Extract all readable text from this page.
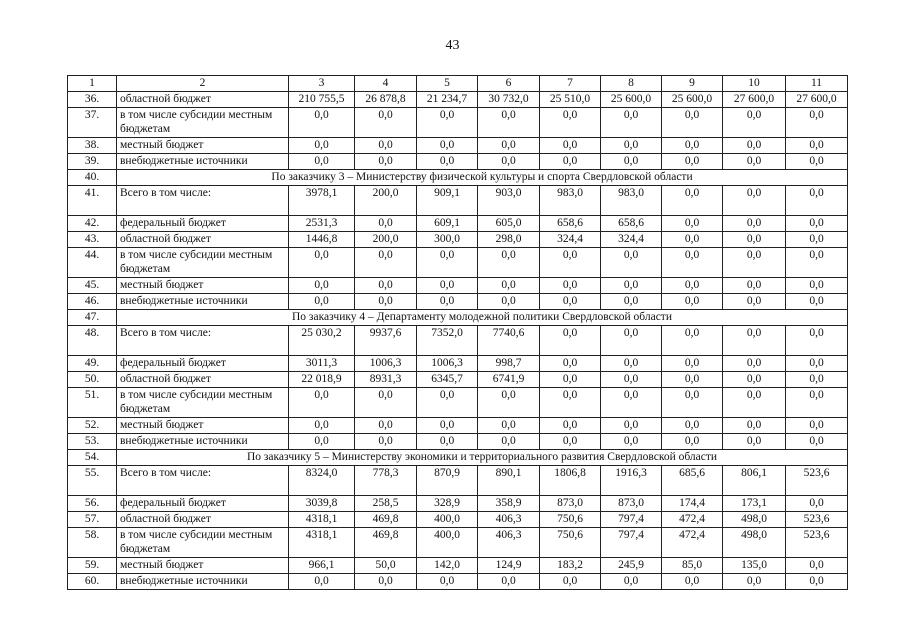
43
1	2	3	4	5	6	7	8	9	10	11
36.	областной бюджет	210 755,5	26 878,8	21 234,7	30 732,0	25 510,0	25 600,0	25 600,0	27 600,0	27 600,0
37.	в том числе субсидии местным бюджетам	0,0	0,0	0,0	0,0	0,0	0,0	0,0	0,0	0,0
38.	местный бюджет	0,0	0,0	0,0	0,0	0,0	0,0	0,0	0,0	0,0
39.	внебюджетные источники	0,0	0,0	0,0	0,0	0,0	0,0	0,0	0,0	0,0
40.	По заказчику 3 – Министерству физической культуры и спорта Свердловской области									
41.	Всего в том числе:	3978,1	200,0	909,1	903,0	983,0	983,0	0,0	0,0	0,0
42.	федеральный бюджет	2531,3	0,0	609,1	605,0	658,6	658,6	0,0	0,0	0,0
43.	областной бюджет	1446,8	200,0	300,0	298,0	324,4	324,4	0,0	0,0	0,0
44.	в том числе субсидии местным бюджетам	0,0	0,0	0,0	0,0	0,0	0,0	0,0	0,0	0,0
45.	местный бюджет	0,0	0,0	0,0	0,0	0,0	0,0	0,0	0,0	0,0
46.	внебюджетные источники	0,0	0,0	0,0	0,0	0,0	0,0	0,0	0,0	0,0
47.	По заказчику 4 – Департаменту молодежной политики Свердловской области									
48.	Всего в том числе:	25 030,2	9937,6	7352,0	7740,6	0,0	0,0	0,0	0,0	0,0
49.	федеральный бюджет	3011,3	1006,3	1006,3	998,7	0,0	0,0	0,0	0,0	0,0
50.	областной бюджет	22 018,9	8931,3	6345,7	6741,9	0,0	0,0	0,0	0,0	0,0
51.	в том числе субсидии местным бюджетам	0,0	0,0	0,0	0,0	0,0	0,0	0,0	0,0	0,0
52.	местный бюджет	0,0	0,0	0,0	0,0	0,0	0,0	0,0	0,0	0,0
53.	внебюджетные источники	0,0	0,0	0,0	0,0	0,0	0,0	0,0	0,0	0,0
54.	По заказчику 5 – Министерству экономики и территориального развития Свердловской области									
55.	Всего в том числе:	8324,0	778,3	870,9	890,1	1806,8	1916,3	685,6	806,1	523,6
56.	федеральный бюджет	3039,8	258,5	328,9	358,9	873,0	873,0	174,4	173,1	0,0
57.	областной бюджет	4318,1	469,8	400,0	406,3	750,6	797,4	472,4	498,0	523,6
58.	в том числе субсидии местным бюджетам	4318,1	469,8	400,0	406,3	750,6	797,4	472,4	498,0	523,6
59.	местный бюджет	966,1	50,0	142,0	124,9	183,2	245,9	85,0	135,0	0,0
60.	внебюджетные источники	0,0	0,0	0,0	0,0	0,0	0,0	0,0	0,0	0,0
